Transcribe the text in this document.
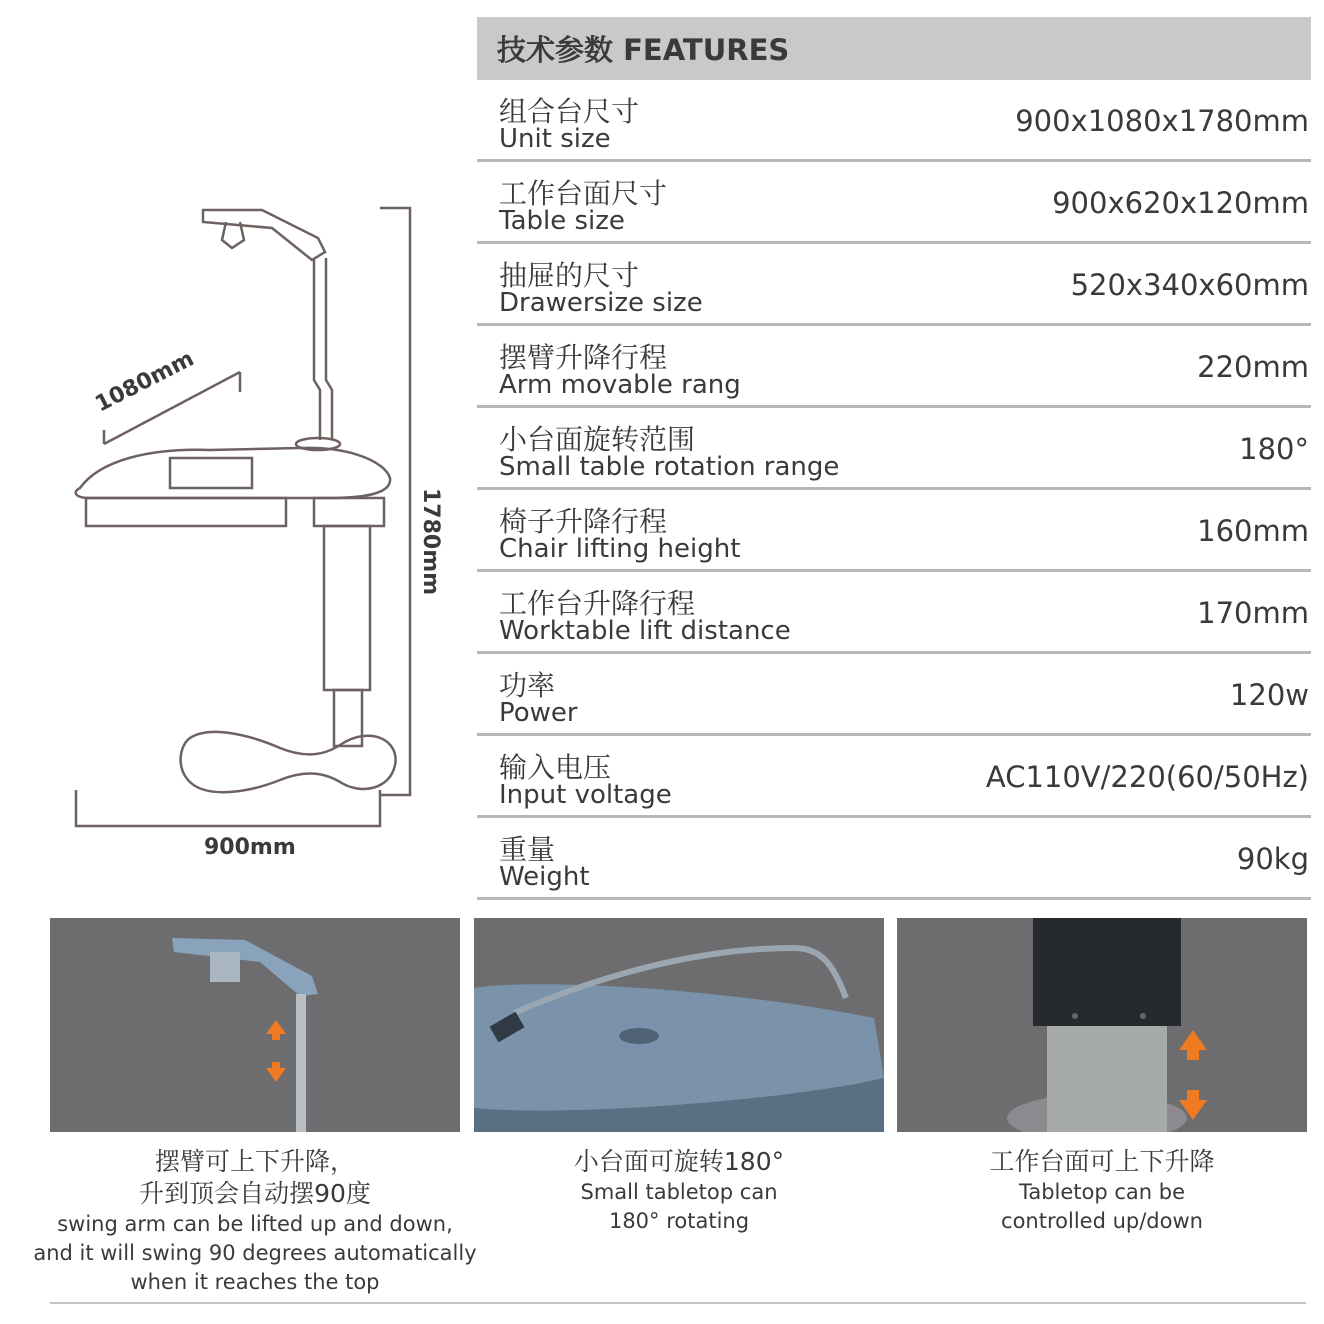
1080mm
1780mm
900mm
技术参数 FEATURES
组合台尺寸
Unit size
900x1080x1780mm
工作台面尺寸
Table size
900x620x120mm
抽屉的尺寸
Drawersize size
520x340x60mm
摆臂升降行程
Arm movable rang
220mm
小台面旋转范围
Small table rotation range
180°
椅子升降行程
Chair lifting height
160mm
工作台升降行程
Worktable lift distance
170mm
功率
Power
120w
输入电压
Input voltage
AC110V/220(60/50Hz)
重量
Weight
90kg
摆臂可上下升降，
升到顶会自动摆90度
swing arm can be lifted up and down,
and it will swing 90 degrees automatically
when it reaches the top
小台面可旋转180°
Small tabletop can
180° rotating
工作台面可上下升降
Tabletop can be
controlled up/down
